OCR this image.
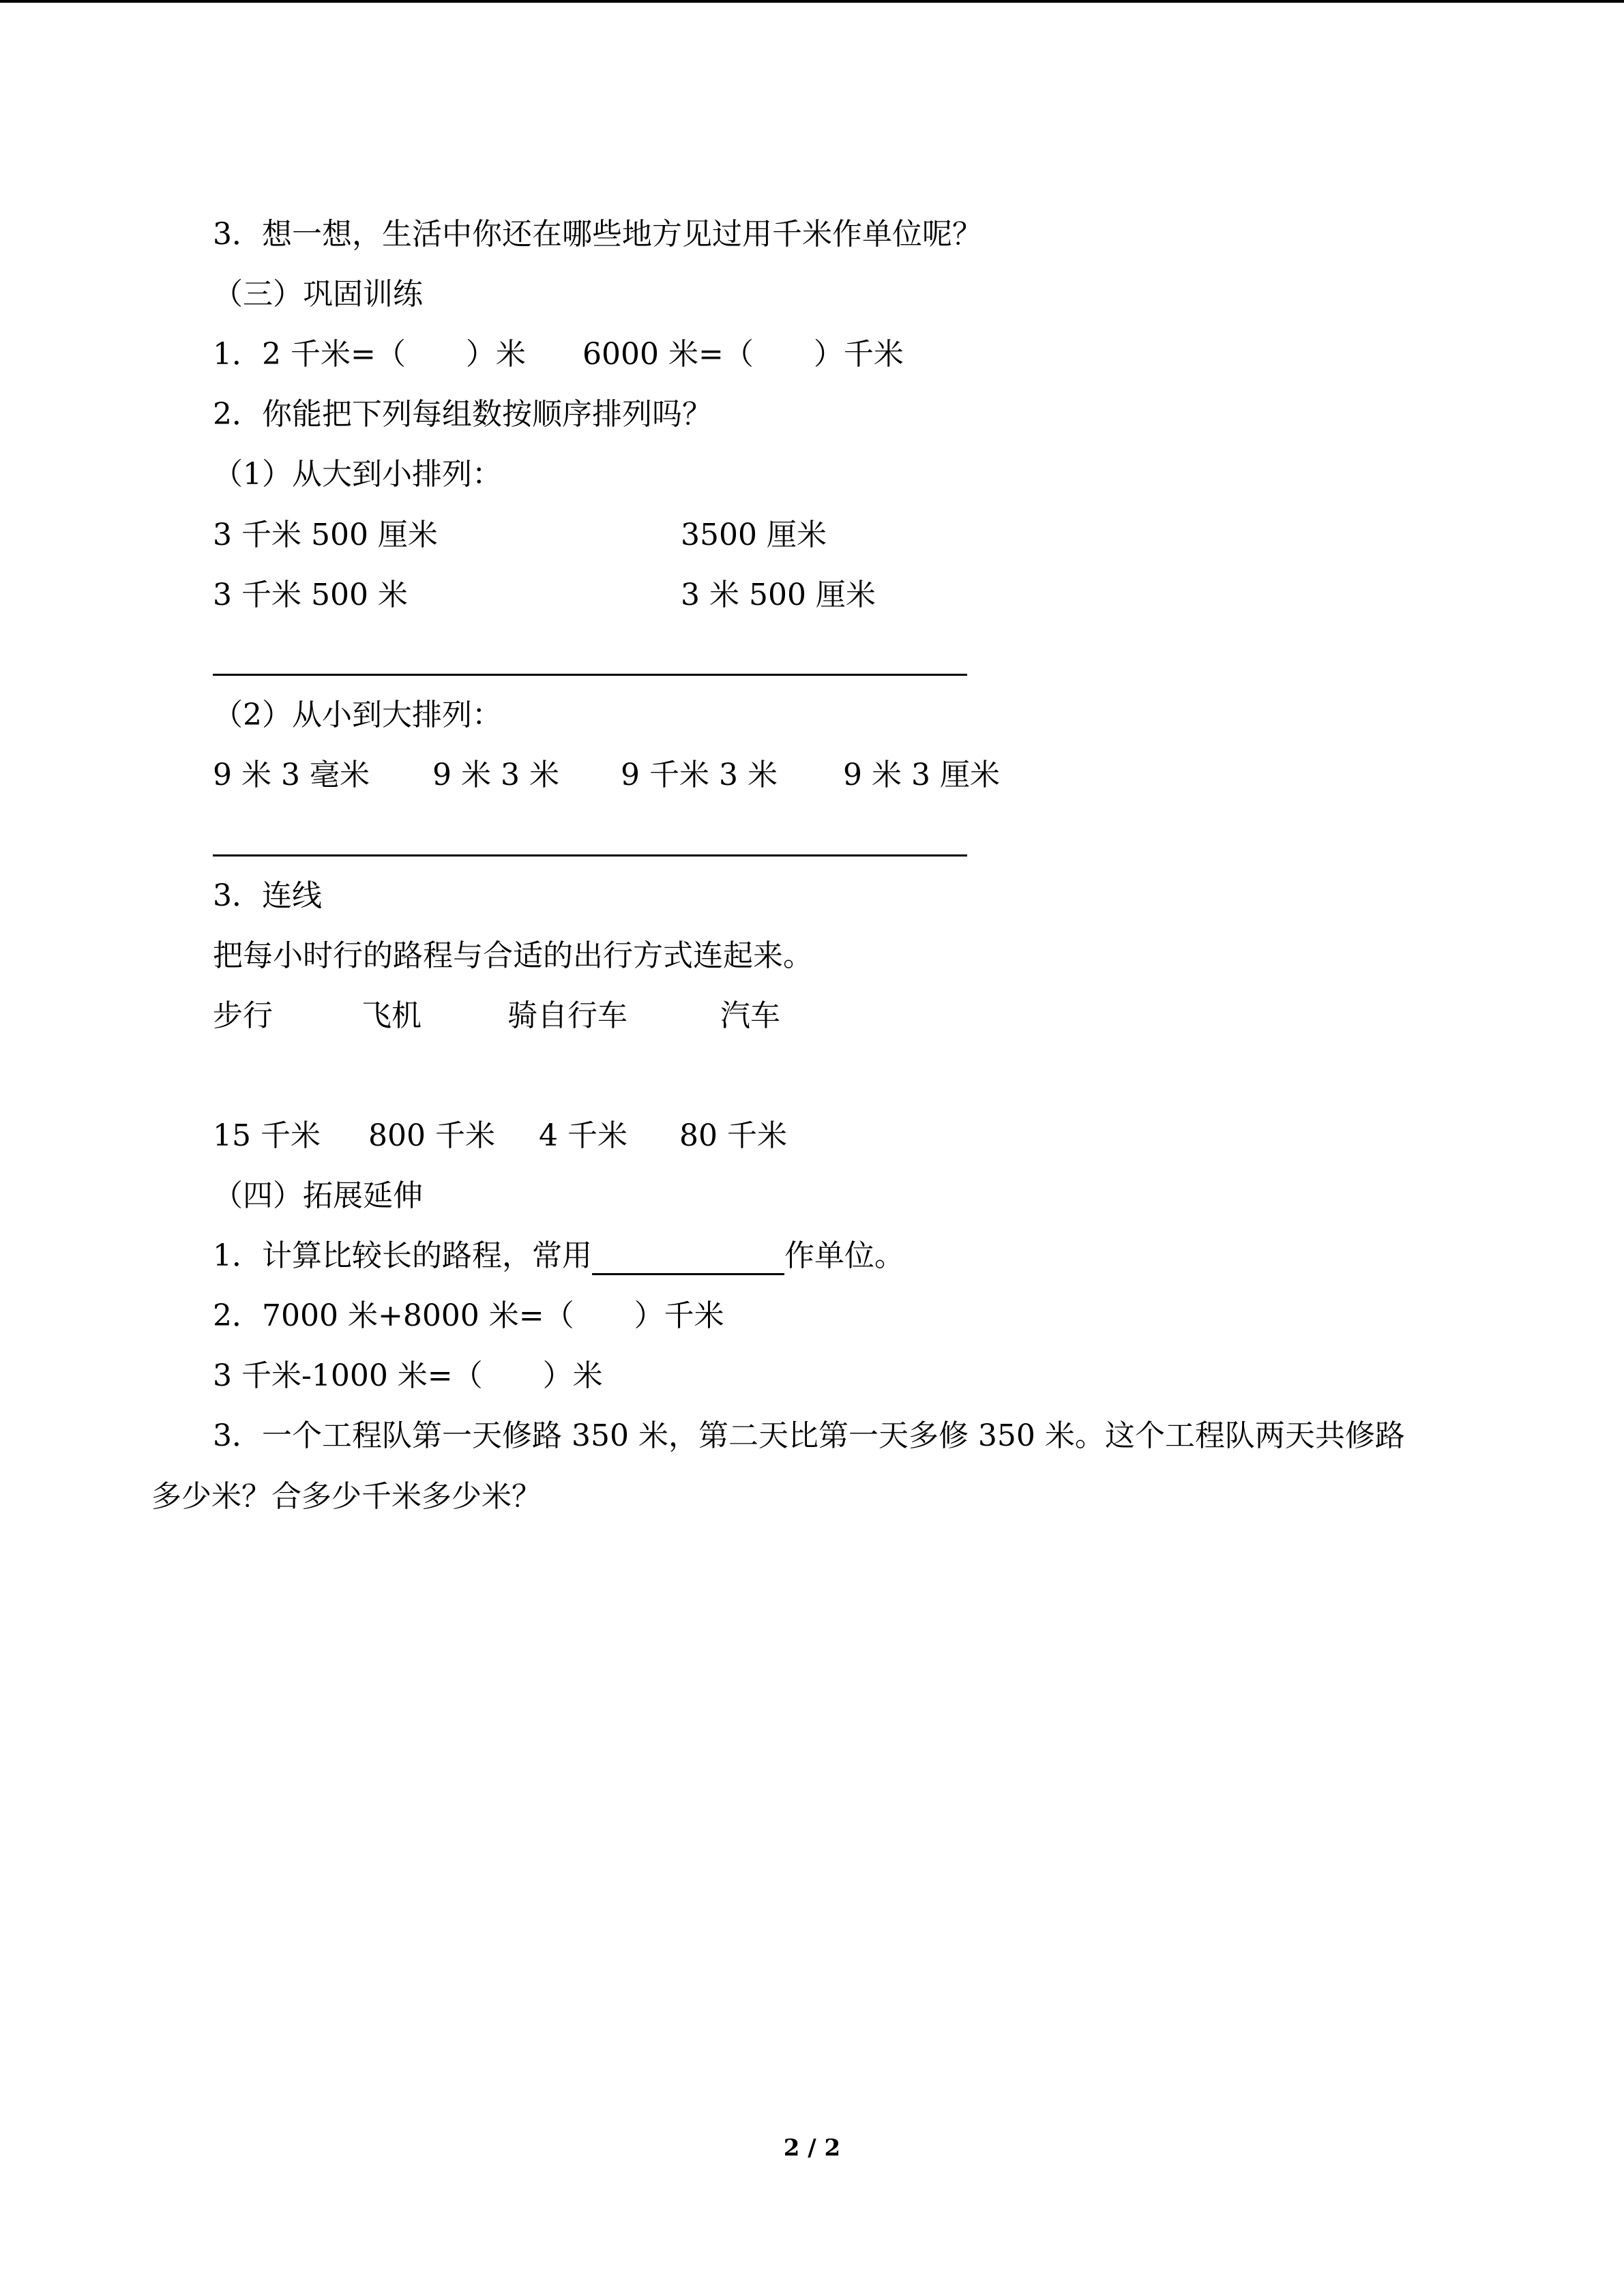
3．想一想，生活中你还在哪些地方见过用千米作单位呢？
（三）巩固训练

1．2 千米=（　　）米

6000 米=（　　）千米

2．你能把下列每组数按顺序排列吗？
（1）从大到小排列：

3 千米 500 厘米

	3500 厘米

3 千米 500 米

	3 米 500 厘米

（2）从小到大排列：

9 米 3 毫米

9 米 3 米

9 千米 3 米

9 米 3 厘米

3．连线
把每小时行的路程与合适的出行方式连起来。

步行

	飞机

	骑自行车

	汽车

15 千米

800 千米

4 千米

80 千米

（四）拓展延伸
1．计算比较长的路程，常用	作单位。
2．7000 米+8000 米=（　　）千米
3 千米-1000 米=（　　）米
3．一个工程队第一天修路 350 米，第二天比第一天多修 350 米。这个工程队两天共修路
多少米？合多少千米多少米？
2 / 2
